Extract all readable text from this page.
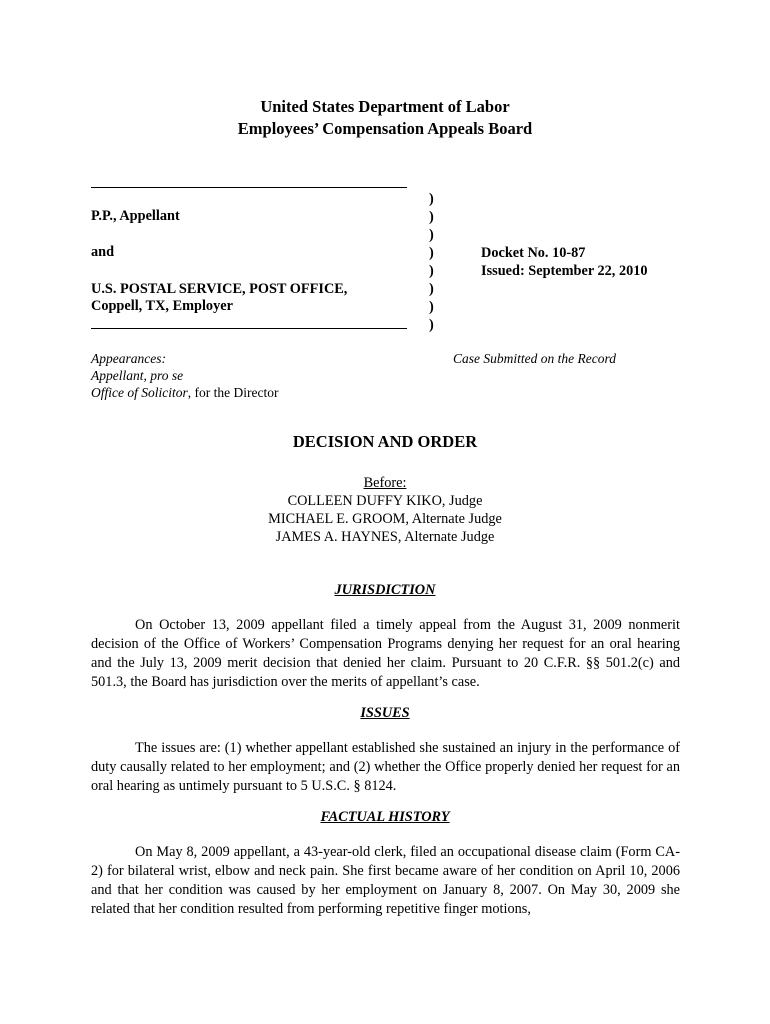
United States Department of Labor
Employees’ Compensation Appeals Board
P.P., Appellant
and
U.S. POSTAL SERVICE, POST OFFICE,
Coppell, TX, Employer
)
)
)
)
)
)
)
)
Docket No. 10-87
Issued: September 22, 2010
Appearances:
Appellant, pro se
Office of Solicitor, for the Director
Case Submitted on the Record
DECISION AND ORDER
Before:
COLLEEN DUFFY KIKO, Judge
MICHAEL E. GROOM, Alternate Judge
JAMES A. HAYNES, Alternate Judge
JURISDICTION
On October 13, 2009 appellant filed a timely appeal from the August 31, 2009 nonmerit decision of the Office of Workers’ Compensation Programs denying her request for an oral hearing and the July 13, 2009 merit decision that denied her claim. Pursuant to 20 C.F.R. §§ 501.2(c) and 501.3, the Board has jurisdiction over the merits of appellant’s case.
ISSUES
The issues are: (1) whether appellant established she sustained an injury in the performance of duty causally related to her employment; and (2) whether the Office properly denied her request for an oral hearing as untimely pursuant to 5 U.S.C. § 8124.
FACTUAL HISTORY
On May 8, 2009 appellant, a 43-year-old clerk, filed an occupational disease claim (Form CA-2) for bilateral wrist, elbow and neck pain. She first became aware of her condition on April 10, 2006 and that her condition was caused by her employment on January 8, 2007. On May 30, 2009 she related that her condition resulted from performing repetitive finger motions,
